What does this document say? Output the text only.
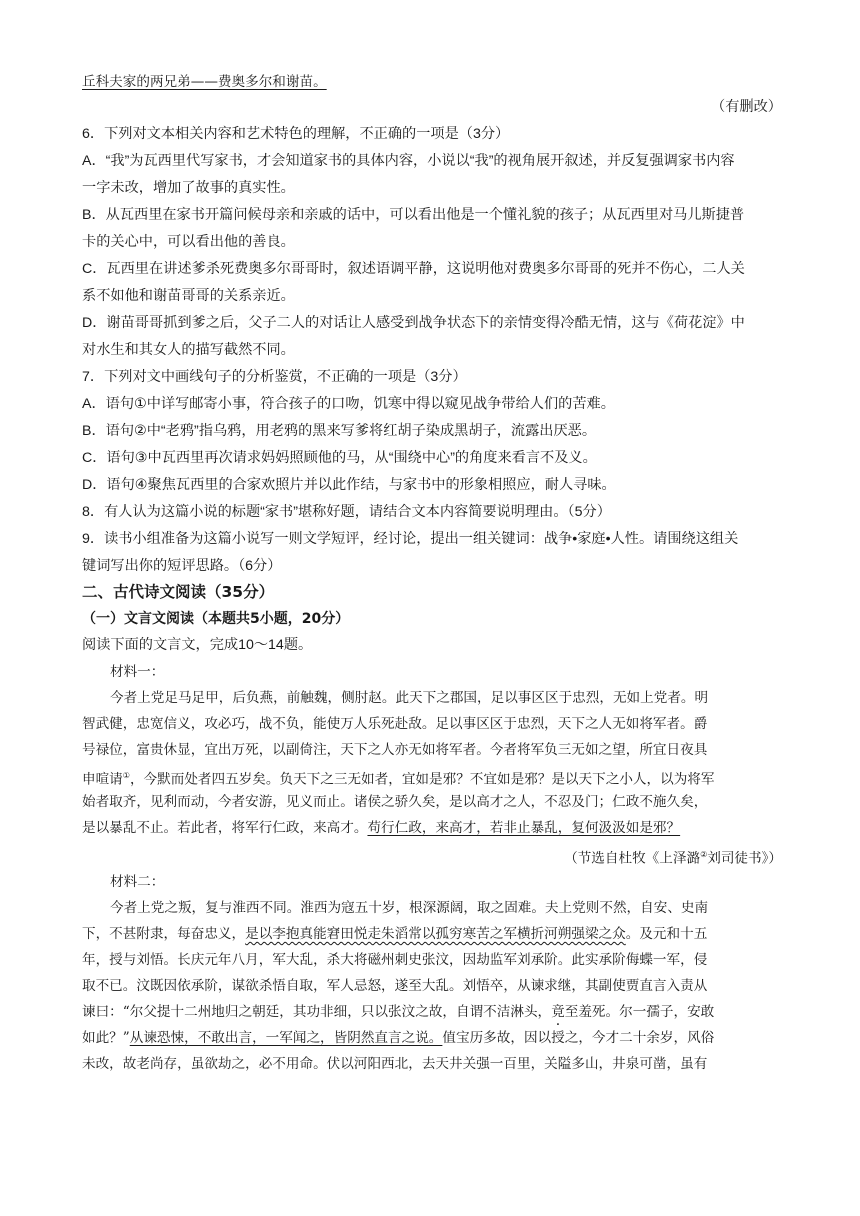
丘科夫家的两兄弟——费奥多尔和谢苗。
（有删改）
6．下列对文本相关内容和艺术特色的理解，不正确的一项是（3分）
A．“我”为瓦西里代写家书，才会知道家书的具体内容，小说以“我”的视角展开叙述，并反复强调家书内容
一字未改，增加了故事的真实性。
B．从瓦西里在家书开篇问候母亲和亲戚的话中，可以看出他是一个懂礼貌的孩子；从瓦西里对马儿斯捷普
卡的关心中，可以看出他的善良。
C．瓦西里在讲述爹杀死费奥多尔哥哥时，叙述语调平静，这说明他对费奥多尔哥哥的死并不伤心，二人关
系不如他和谢苗哥哥的关系亲近。
D．谢苗哥哥抓到爹之后，父子二人的对话让人感受到战争状态下的亲情变得冷酷无情，这与《荷花淀》中
对水生和其女人的描写截然不同。
7．下列对文中画线句子的分析鉴赏，不正确的一项是（3分）
A．语句①中详写邮寄小事，符合孩子的口吻，饥寒中得以窥见战争带给人们的苦难。
B．语句②中“老鸦”指乌鸦，用老鸦的黑来写爹将红胡子染成黑胡子，流露出厌恶。
C．语句③中瓦西里再次请求妈妈照顾他的马，从“围绕中心”的角度来看言不及义。
D．语句④聚焦瓦西里的合家欢照片并以此作结，与家书中的形象相照应，耐人寻味。
8．有人认为这篇小说的标题“家书”堪称好题，请结合文本内容简要说明理由。（5分）
9．读书小组准备为这篇小说写一则文学短评，经讨论，提出一组关键词：战争•家庭•人性。请围绕这组关
键词写出你的短评思路。（6分）
二、古代诗文阅读（35分）
（一）文言文阅读（本题共5小题，20分）
阅读下面的文言文，完成10～14题。
材料一：
今者上党足马足甲，后负燕，前触魏，侧肘赵。此天下之郡国，足以事区区于忠烈，无如上党者。明
智武健，忠宽信义，攻必巧，战不负，能使万人乐死赴敌。足以事区区于忠烈，天下之人无如将军者。爵
号禄位，富贵休显，宜出万死，以副倚注，天下之人亦无如将军者。今者将军负三无如之望，所宜日夜具
申喧请①，今默而处者四五岁矣。负天下之三无如者，宜如是邪？不宜如是邪？是以天下之小人，以为将军
始者取齐，见利而动，今者安游，见义而止。诸侯之骄久矣，是以高才之人，不忍及门；仁政不施久矣，
是以暴乱不止。若此者，将军行仁政，来高才。苟行仁政，来高才，若非止暴乱，复何汲汲如是邪？
（节选自杜牧《上泽潞②刘司徒书》）
材料二：
今者上党之叛，复与淮西不同。淮西为寇五十岁，根深源阔，取之固难。夫上党则不然，自安、史南
下，不甚附隶，每奋忠义，是以李抱真能窘田悦走朱滔常以孤穷寒苦之军横折河朔强梁之众。及元和十五
年，授与刘悟。长庆元年八月，军大乱，杀大将磁州刺史张汶，因劫监军刘承阶。此实承阶侮蝶一军，侵
取不已。汶既因依承阶，谋欲杀悟自取，军人忌怒，遂至大乱。刘悟卒，从谏求继，其副使贾直言入责从
谏曰：“尔父提十二州地归之朝廷，其功非细，只以张汶之故，自谓不洁淋头，竟至羞死。尔一孺子，安敢
如此？”从谏恐悚，不敢出言，一军闻之，皆阴然直言之说。值宝历多故，因以授之，今才二十余岁，风俗
未改，故老尚存，虽欲劫之，必不用命。伏以河阳西北，去天井关强一百里，关隘多山，井泉可凿，虽有
